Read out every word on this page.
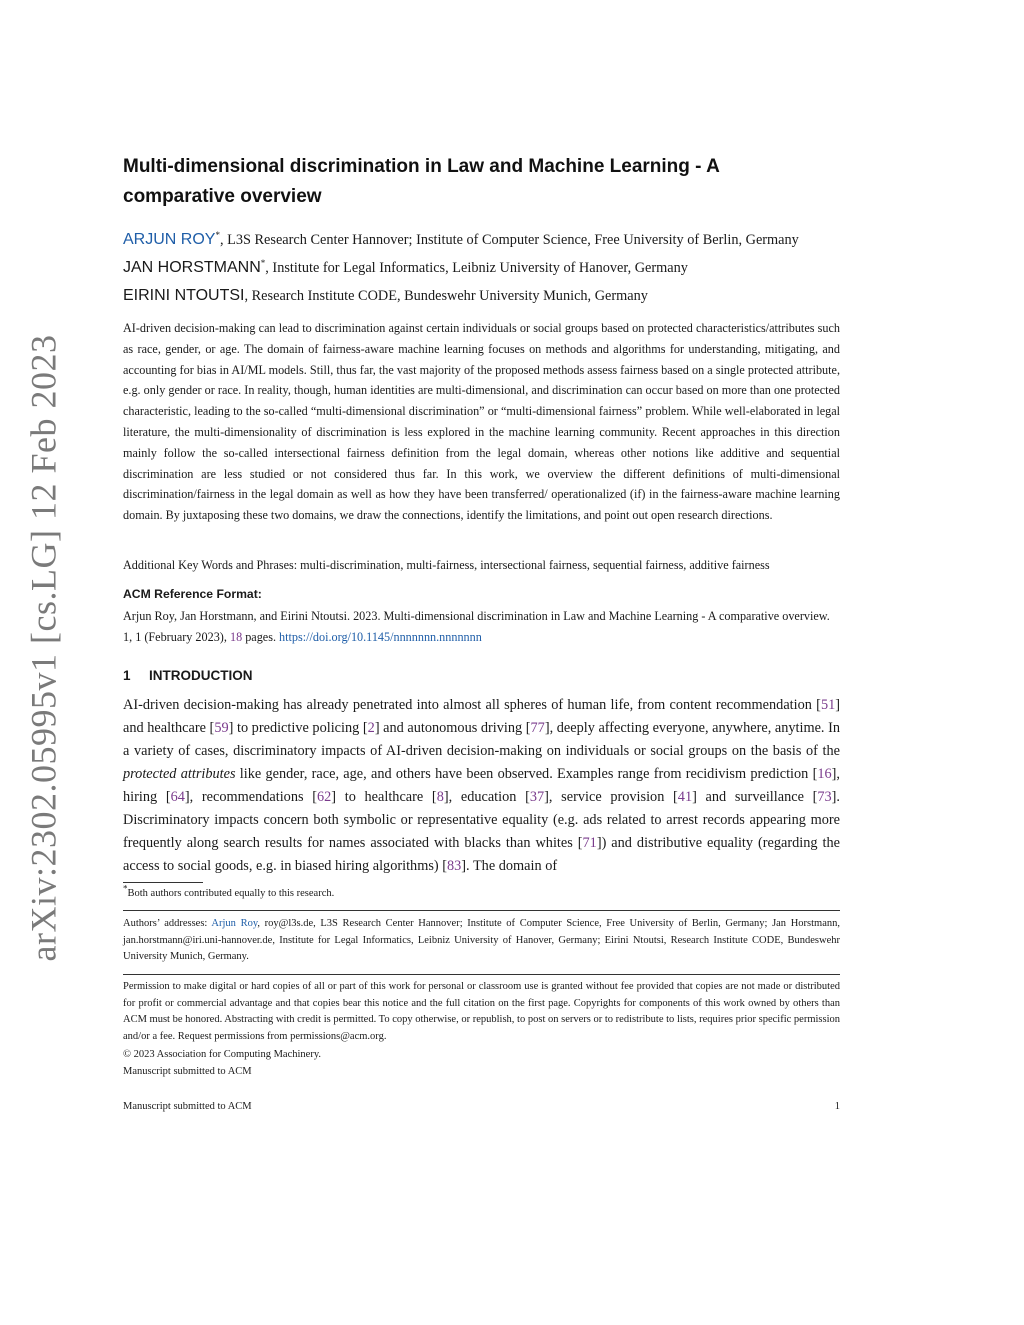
arXiv:2302.05995v1 [cs.LG] 12 Feb 2023
Multi-dimensional discrimination in Law and Machine Learning - A
comparative overview
ARJUN ROY*, L3S Research Center Hannover; Institute of Computer Science, Free University of Berlin, Germany
JAN HORSTMANN*, Institute for Legal Informatics, Leibniz University of Hanover, Germany
EIRINI NTOUTSI, Research Institute CODE, Bundeswehr University Munich, Germany

AI-driven decision-making can lead to discrimination against certain individuals or social groups based on protected characteristics/attributes such as race, gender, or age. The domain of fairness-aware machine learning focuses on methods and algorithms for understanding, mitigating, and accounting for bias in AI/ML models. Still, thus far, the vast majority of the proposed methods assess fairness based on a single protected attribute, e.g. only gender or race. In reality, though, human identities are multi-dimensional, and discrimination can occur based on more than one protected characteristic, leading to the so-called “multi-dimensional discrimination” or “multi-dimensional fairness” problem. While well-elaborated in legal literature, the multi-dimensionality of discrimination is less explored in the machine learning community. Recent approaches in this direction mainly follow the so-called intersectional fairness definition from the legal domain, whereas other notions like additive and sequential discrimination are less studied or not considered thus far. In this work, we overview the different definitions of multi-dimensional discrimination/fairness in the legal domain as well as how they have been transferred/ operationalized (if) in the fairness-aware machine learning domain. By juxtaposing these two domains, we draw the connections, identify the limitations, and point out open research directions.

Additional Key Words and Phrases: multi-discrimination, multi-fairness, intersectional fairness, sequential fairness, additive fairness

ACM Reference Format:

Arjun Roy, Jan Horstmann, and Eirini Ntoutsi. 2023. Multi-dimensional discrimination in Law and Machine Learning - A comparative overview. 1, 1 (February 2023), 18 pages. https://doi.org/10.1145/nnnnnnn.nnnnnnn

1 INTRODUCTION

AI-driven decision-making has already penetrated into almost all spheres of human life, from content recommendation [51] and healthcare [59] to predictive policing [2] and autonomous driving [77], deeply affecting everyone, anywhere, anytime. In a variety of cases, discriminatory impacts of AI-driven decision-making on individuals or social groups on the basis of the protected attributes like gender, race, age, and others have been observed. Examples range from recidivism prediction [16], hiring [64], recommendations [62] to healthcare [8], education [37], service provision [41] and surveillance [73]. Discriminatory impacts concern both symbolic or representative equality (e.g. ads related to arrest records appearing more frequently along search results for names associated with blacks than whites [71]) and distributive equality (regarding the access to social goods, e.g. in biased hiring algorithms) [83]. The domain of

*Both authors contributed equally to this research.

Authors’ addresses: Arjun Roy, roy@l3s.de, L3S Research Center Hannover; Institute of Computer Science, Free University of Berlin, Germany; Jan Horstmann, jan.horstmann@iri.uni-hannover.de, Institute for Legal Informatics, Leibniz University of Hanover, Germany; Eirini Ntoutsi, Research Institute CODE, Bundeswehr University Munich, Germany.

Permission to make digital or hard copies of all or part of this work for personal or classroom use is granted without fee provided that copies are not made or distributed for profit or commercial advantage and that copies bear this notice and the full citation on the first page. Copyrights for components of this work owned by others than ACM must be honored. Abstracting with credit is permitted. To copy otherwise, or republish, to post on servers or to redistribute to lists, requires prior specific permission and/or a fee. Request permissions from permissions@acm.org.

© 2023 Association for Computing Machinery.
Manuscript submitted to ACM
Manuscript submitted to ACM	1
